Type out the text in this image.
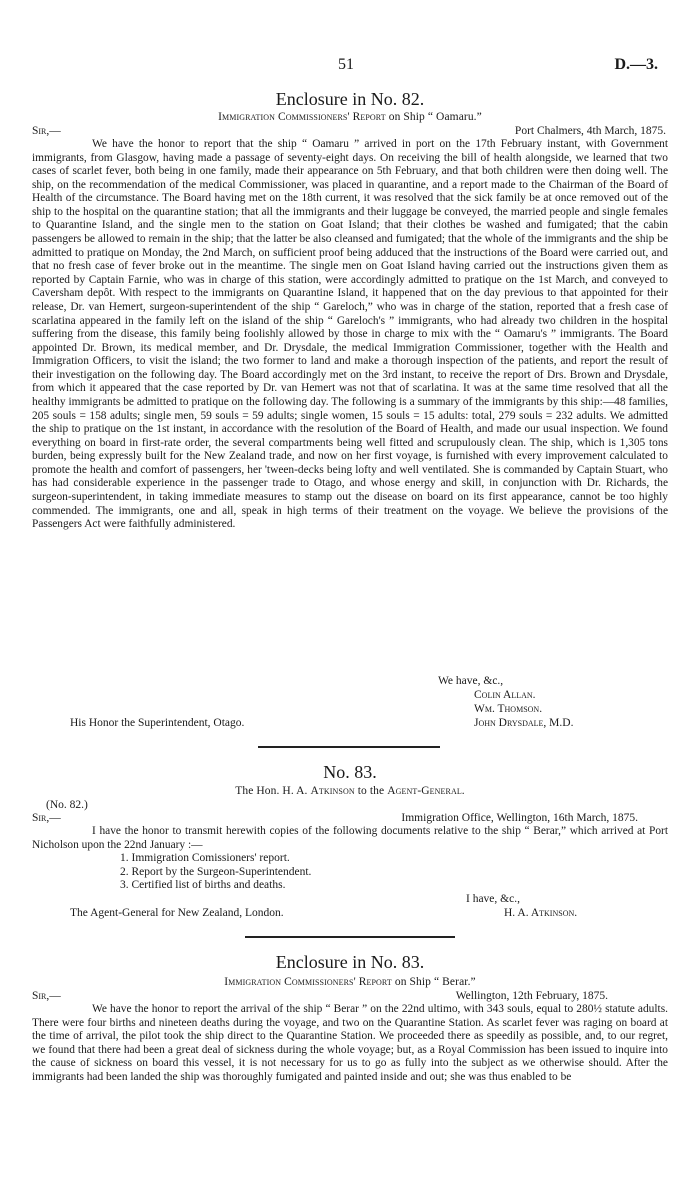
51	D.—3.
Enclosure in No. 82.
Immigration Commissioners' Report on Ship “ Oamaru.”
Sir,—	Port Chalmers, 4th March, 1875.
We have the honor to report that the ship “ Oamaru ” arrived in port on the 17th February instant, with Government immigrants, from Glasgow, having made a passage of seventy-eight days. On receiving the bill of health alongside, we learned that two cases of scarlet fever, both being in one family, made their appearance on 5th February, and that both children were then doing well. The ship, on the recommendation of the medical Commissioner, was placed in quarantine, and a report made to the Chairman of the Board of Health of the circumstance. The Board having met on the 18th current, it was resolved that the sick family be at once removed out of the ship to the hospital on the quarantine station; that all the immigrants and their luggage be conveyed, the married people and single females to Quarantine Island, and the single men to the station on Goat Island; that their clothes be washed and fumigated; that the cabin passengers be allowed to remain in the ship; that the latter be also cleansed and fumigated; that the whole of the immigrants and the ship be admitted to pratique on Monday, the 2nd March, on sufficient proof being adduced that the instructions of the Board were carried out, and that no fresh case of fever broke out in the meantime. The single men on Goat Island having carried out the instructions given them as reported by Captain Farnie, who was in charge of this station, were accordingly admitted to pratique on the 1st March, and conveyed to Caversham depôt. With respect to the immigrants on Quarantine Island, it happened that on the day previous to that appointed for their release, Dr. van Hemert, surgeon-superintendent of the ship “ Gareloch,” who was in charge of the station, reported that a fresh case of scarlatina appeared in the family left on the island of the ship “ Gareloch's ” immigrants, who had already two children in the hospital suffering from the disease, this family being foolishly allowed by those in charge to mix with the “ Oamaru's ” immigrants. The Board appointed Dr. Brown, its medical member, and Dr. Drysdale, the medical Immigration Commissioner, together with the Health and Immigration Officers, to visit the island; the two former to land and make a thorough inspection of the patients, and report the result of their investigation on the following day. The Board accordingly met on the 3rd instant, to receive the report of Drs. Brown and Drysdale, from which it appeared that the case reported by Dr. van Hemert was not that of scarlatina. It was at the same time resolved that all the healthy immigrants be admitted to pratique on the following day. The following is a summary of the immigrants by this ship:—48 families, 205 souls = 158 adults; single men, 59 souls = 59 adults; single women, 15 souls = 15 adults: total, 279 souls = 232 adults. We admitted the ship to pratique on the 1st instant, in accordance with the resolution of the Board of Health, and made our usual inspection. We found everything on board in first-rate order, the several compartments being well fitted and scrupulously clean. The ship, which is 1,305 tons burden, being expressly built for the New Zealand trade, and now on her first voyage, is furnished with every improvement calculated to promote the health and comfort of passengers, her 'tween-decks being lofty and well ventilated. She is commanded by Captain Stuart, who has had considerable experience in the passenger trade to Otago, and whose energy and skill, in conjunction with Dr. Richards, the surgeon-superintendent, in taking immediate measures to stamp out the disease on board on its first appearance, cannot be too highly commended. The immigrants, one and all, speak in high terms of their treatment on the voyage. We believe the provisions of the Passengers Act were faithfully administered.
We have, &c.,
Colin Allan.
Wm. Thomson.
John Drysdale, M.D.
His Honor the Superintendent, Otago.
No. 83.
The Hon. H. A. Atkinson to the Agent-General.
(No. 82.)
Sir,—	Immigration Office, Wellington, 16th March, 1875.
I have the honor to transmit herewith copies of the following documents relative to the ship “ Berar,” which arrived at Port Nicholson upon the 22nd January :—
1. Immigration Comissioners' report.
2. Report by the Surgeon-Superintendent.
3. Certified list of births and deaths.
I have, &c.,
H. A. Atkinson.
The Agent-General for New Zealand, London.
Enclosure in No. 83.
Immigration Commissioners' Report on Ship “ Berar.”
Sir,—	Wellington, 12th February, 1875.
We have the honor to report the arrival of the ship “ Berar ” on the 22nd ultimo, with 343 souls, equal to 280½ statute adults. There were four births and nineteen deaths during the voyage, and two on the Quarantine Station. As scarlet fever was raging on board at the time of arrival, the pilot took the ship direct to the Quarantine Station. We proceeded there as speedily as possible, and, to our regret, we found that there had been a great deal of sickness during the whole voyage; but, as a Royal Commission has been issued to inquire into the cause of sickness on board this vessel, it is not necessary for us to go as fully into the subject as we otherwise should. After the immigrants had been landed the ship was thoroughly fumigated and painted inside and out; she was thus enabled to be
